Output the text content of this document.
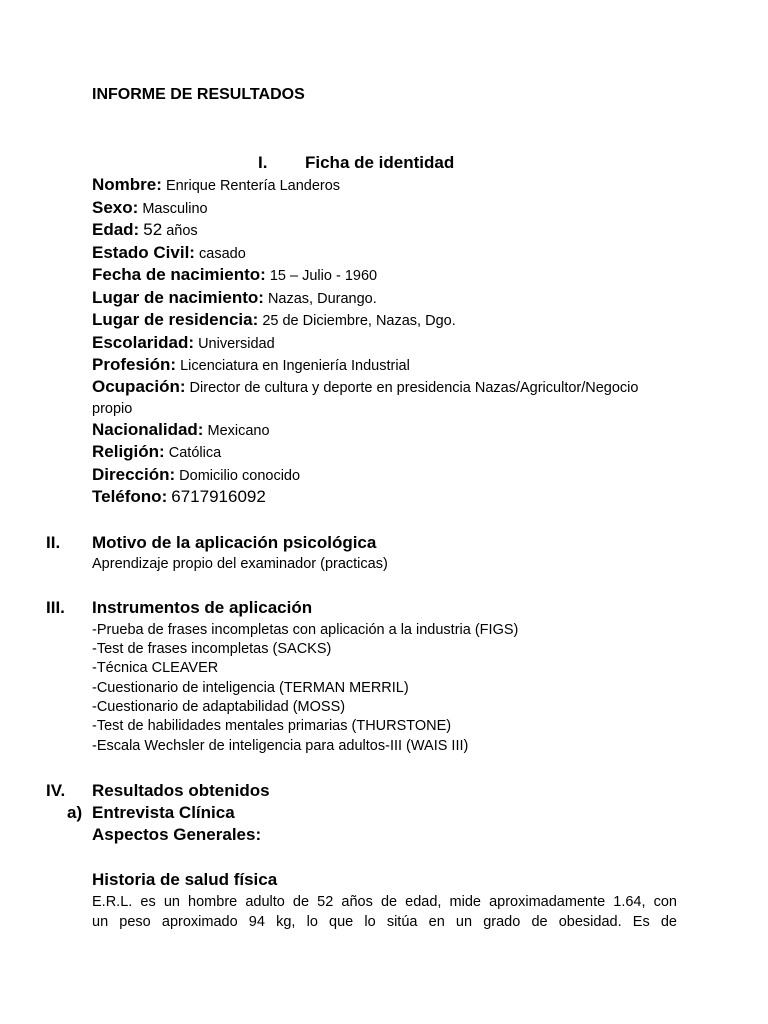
INFORME DE RESULTADOS
I. Ficha de identidad
Nombre: Enrique Rentería Landeros
Sexo: Masculino
Edad: 52 años
Estado Civil: casado
Fecha de nacimiento: 15 – Julio - 1960
Lugar de nacimiento: Nazas, Durango.
Lugar de residencia: 25 de Diciembre, Nazas, Dgo.
Escolaridad: Universidad
Profesión: Licenciatura en Ingeniería Industrial
Ocupación: Director de cultura y deporte en presidencia Nazas/Agricultor/Negocio
propio
Nacionalidad: Mexicano
Religión: Católica
Dirección: Domicilio conocido
Teléfono: 6717916092
II. Motivo de la aplicación psicológica
Aprendizaje propio del examinador (practicas)
III. Instrumentos de aplicación
-Prueba de frases incompletas con aplicación a la industria (FIGS)
-Test de frases incompletas (SACKS)
-Técnica CLEAVER
-Cuestionario de inteligencia (TERMAN MERRIL)
-Cuestionario de adaptabilidad (MOSS)
-Test de habilidades mentales primarias (THURSTONE)
-Escala Wechsler de inteligencia para adultos-III (WAIS III)
IV. Resultados obtenidos
a) Entrevista Clínica
Aspectos Generales:
Historia de salud física
E.R.L. es un hombre adulto de 52 años de edad, mide aproximadamente 1.64, con
un peso aproximado 94 kg, lo que lo sitúa en un grado de obesidad. Es de
